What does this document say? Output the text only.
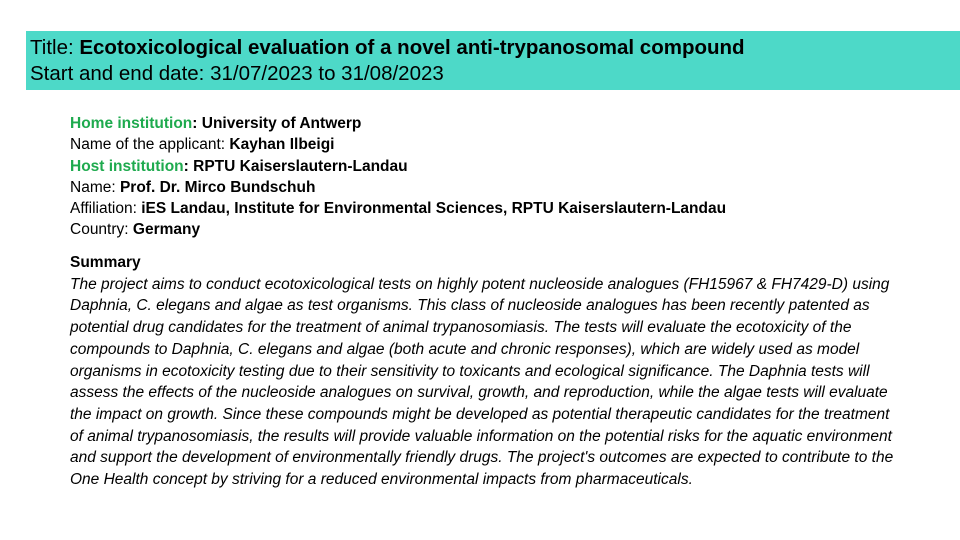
Title: Ecotoxicological evaluation of a novel anti-trypanosomal compound
Start and end date: 31/07/2023 to 31/08/2023
Home institution: University of Antwerp
Name of the applicant: Kayhan Ilbeigi
Host institution: RPTU Kaiserslautern-Landau
Name: Prof. Dr. Mirco Bundschuh
Affiliation: iES Landau, Institute for Environmental Sciences, RPTU Kaiserslautern-Landau
Country: Germany
Summary
The project aims to conduct ecotoxicological tests on highly potent nucleoside analogues (FH15967 & FH7429-D) using Daphnia, C. elegans and algae as test organisms. This class of nucleoside analogues has been recently patented as potential drug candidates for the treatment of animal trypanosomiasis. The tests will evaluate the ecotoxicity of the compounds to Daphnia, C. elegans and algae (both acute and chronic responses), which are widely used as model organisms in ecotoxicity testing due to their sensitivity to toxicants and ecological significance. The Daphnia tests will assess the effects of the nucleoside analogues on survival, growth, and reproduction, while the algae tests will evaluate the impact on growth. Since these compounds might be developed as potential therapeutic candidates for the treatment of animal trypanosomiasis, the results will provide valuable information on the potential risks for the aquatic environment and support the development of environmentally friendly drugs. The project's outcomes are expected to contribute to the One Health concept by striving for a reduced environmental impacts from pharmaceuticals.
